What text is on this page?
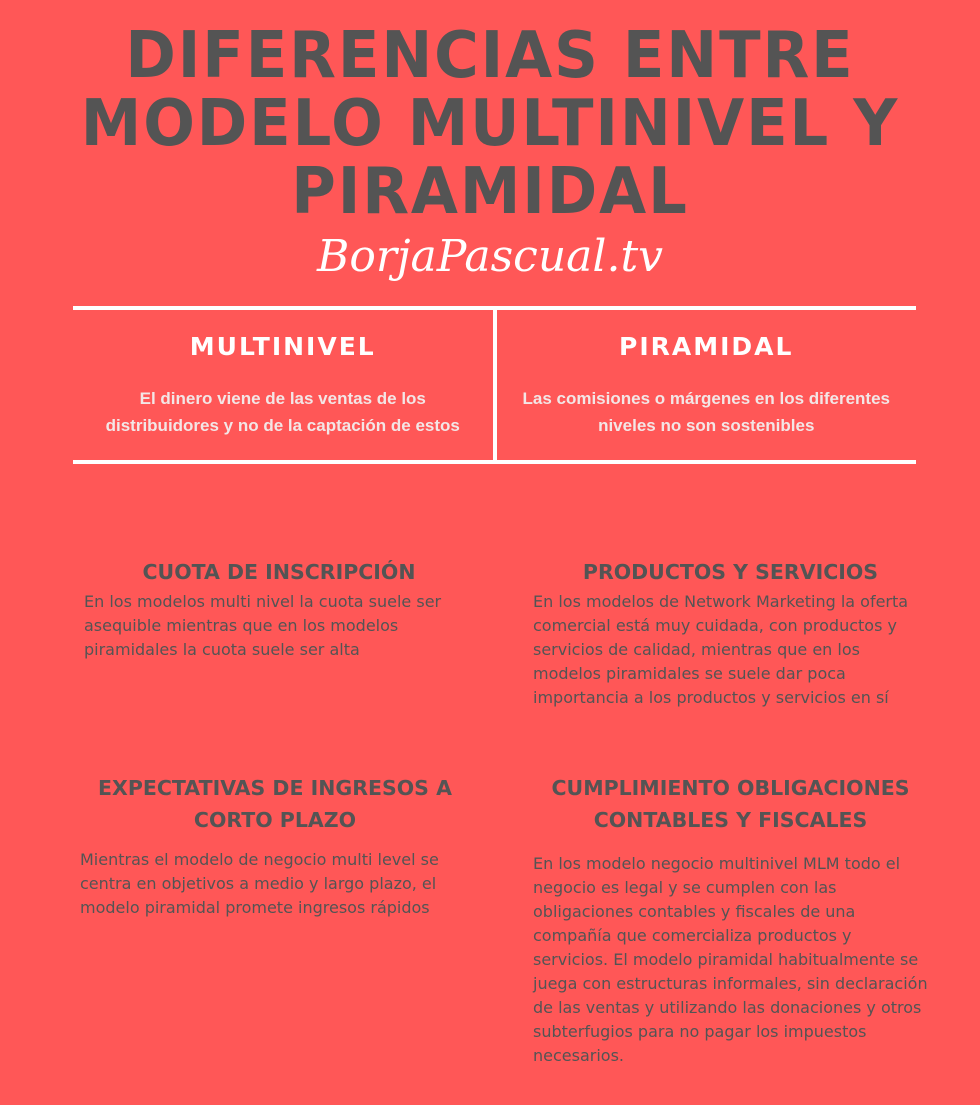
DIFERENCIAS ENTRE
MODELO MULTINIVEL Y
PIRAMIDAL
BorjaPascual.tv
MULTINIVEL

El dinero viene de las ventas de los distribuidores y no de la captación de estos

PIRAMIDAL

Las comisiones o márgenes en los diferentes niveles no son sostenibles

CUOTA DE INSCRIPCIÓN

En los modelos multi nivel la cuota suele ser asequible mientras que en los modelos piramidales la cuota suele ser alta

PRODUCTOS Y SERVICIOS

En los modelos de Network Marketing la oferta comercial está muy cuidada, con productos y servicios de calidad, mientras que en los modelos piramidales se suele dar poca importancia a los productos y servicios en sí

EXPECTATIVAS DE INGRESOS A CORTO PLAZO

Mientras el modelo de negocio multi level se centra en objetivos a medio y largo plazo, el modelo piramidal promete ingresos rápidos

CUMPLIMIENTO OBLIGACIONES CONTABLES Y FISCALES

En los modelo negocio multinivel MLM todo el negocio es legal y se cumplen con las obligaciones contables y fiscales de una compañía que comercializa productos y servicios. El modelo piramidal habitualmente se juega con estructuras informales, sin declaración de las ventas y utilizando las donaciones y otros subterfugios para no pagar los impuestos necesarios.
